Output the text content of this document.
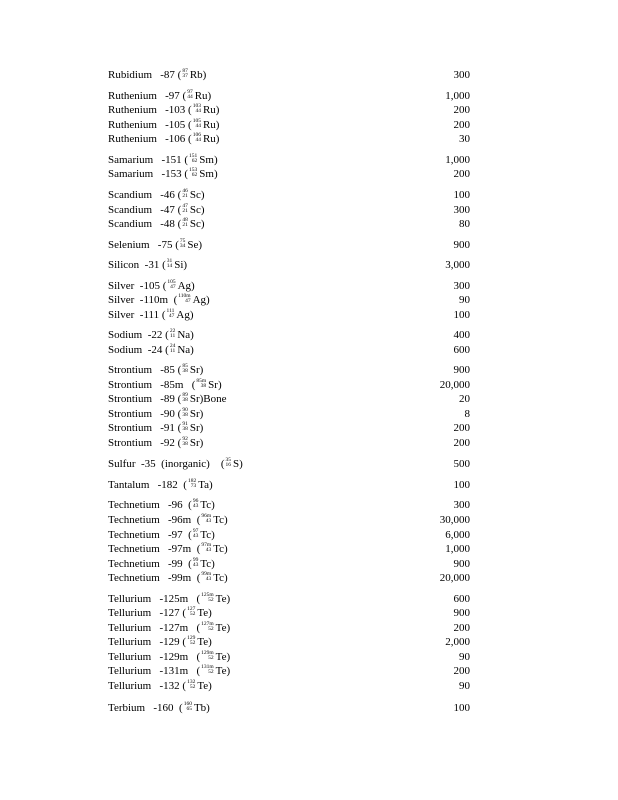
Rubidium   -87 ( 87
37 Rb)	300
Ruthenium   -97 ( 97
44 Ru)	1,000
Ruthenium   -103 ( 103
44 Ru)	200
Ruthenium   -105 ( 105
44 Ru)	200
Ruthenium   -106 ( 106
44 Ru)	30
Samarium   -151 ( 151
62 Sm)	1,000
Samarium   -153 ( 153
62 Sm)	200
Scandium   -46 ( 46
21 Sc)	100
Scandium   -47 ( 47
21 Sc)	300
Scandium   -48 ( 48
21 Sc)	80
Selenium   -75 ( 75
34 Se)	900
Silicon  -31 ( 31
14 Si)	3,000
Silver  -105 ( 105
47 Ag)	300
Silver  -110m  ( 110m
47 Ag)	90
Silver  -111 ( 111
47 Ag)	100
Sodium  -22 ( 22
11 Na)	400
Sodium  -24 ( 24
11 Na)	600
Strontium   -85 ( 85
38 Sr)	900
Strontium   -85m   ( 85m
38 Sr)	20,000
Strontium   -89 ( 89
38 Sr)Bone	20
Strontium   -90 ( 90
38 Sr)	8
Strontium   -91 ( 91
38 Sr)	200
Strontium   -92 ( 92
38 Sr)	200
Sulfur  -35  (inorganic)    ( 35
16 S)	500
Tantalum   -182  ( 182
73 Ta)	100
Technetium   -96  ( 96
43 Tc)	300
Technetium   -96m  ( 96m
43 Tc)	30,000
Technetium   -97  ( 97
43 Tc)	6,000
Technetium   -97m  ( 97m
43 Tc)	1,000
Technetium   -99  ( 99
43 Tc)	900
Technetium   -99m  ( 99m
43 Tc)	20,000
Tellurium   -125m   ( 125m
52 Te)	600
Tellurium   -127 ( 127
52 Te)	900
Tellurium   -127m   ( 127m
52 Te)	200
Tellurium   -129 ( 129
52 Te)	2,000
Tellurium   -129m   ( 129m
52 Te)	90
Tellurium   -131m   ( 131m
52 Te)	200
Tellurium   -132 ( 132
52 Te)	90
Terbium   -160  ( 160
65 Tb)	100
